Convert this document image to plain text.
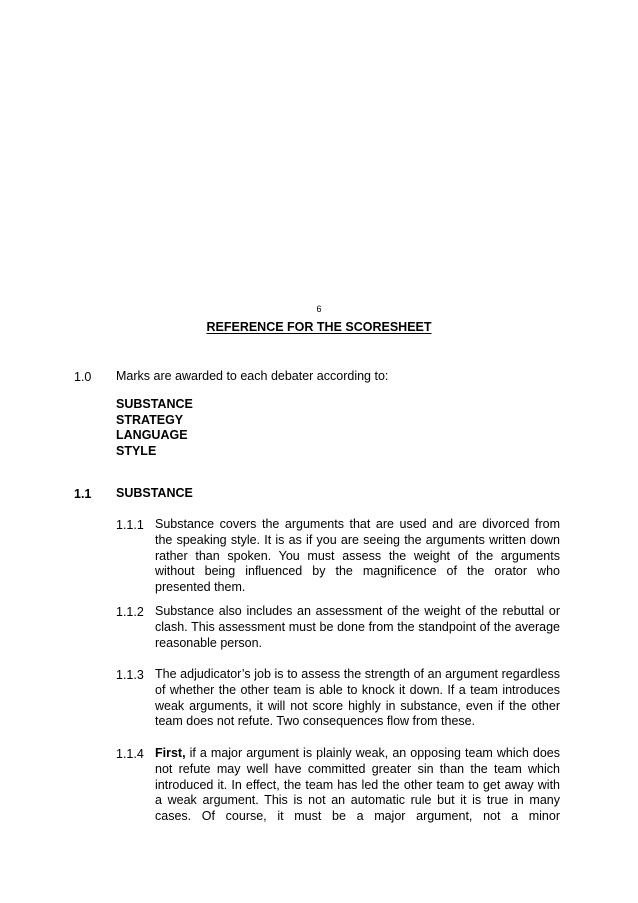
6
REFERENCE FOR THE SCORESHEET
1.0 Marks are awarded to each debater according to:
SUBSTANCE
STRATEGY
LANGUAGE
STYLE
1.1 SUBSTANCE
1.1.1 Substance covers the arguments that are used and are divorced from the speaking style. It is as if you are seeing the arguments written down rather than spoken. You must assess the weight of the arguments without being influenced by the magnificence of the orator who presented them.
1.1.2 Substance also includes an assessment of the weight of the rebuttal or clash. This assessment must be done from the standpoint of the average reasonable person.
1.1.3 The adjudicator’s job is to assess the strength of an argument regardless of whether the other team is able to knock it down. If a team introduces weak arguments, it will not score highly in substance, even if the other team does not refute. Two consequences flow from these.
1.1.4 First, if a major argument is plainly weak, an opposing team which does not refute may well have committed greater sin than the team which introduced it. In effect, the team has led the other team to get away with a weak argument. This is not an automatic rule but it is true in many cases. Of course, it must be a major argument, not a minor
